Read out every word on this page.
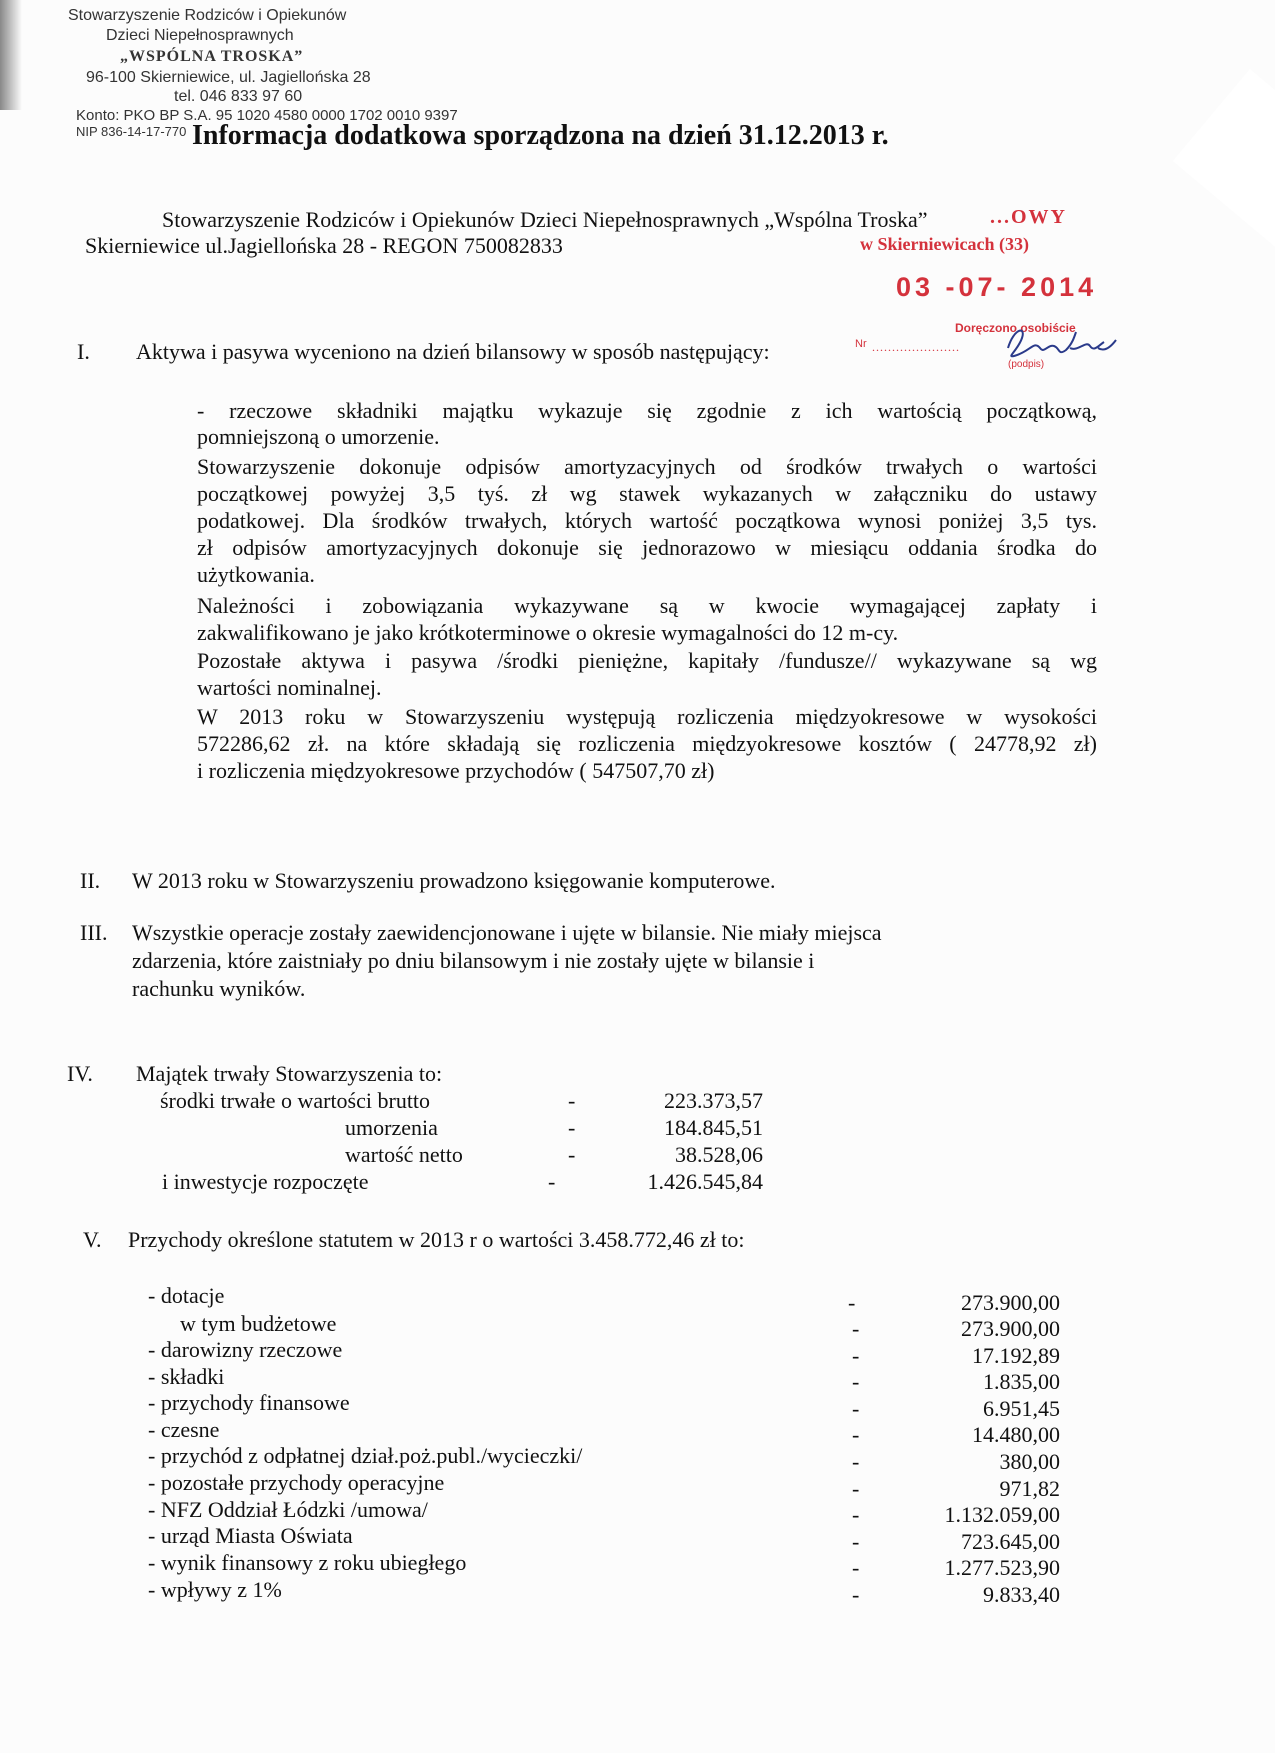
Stowarzyszenie Rodziców i Opiekunów
Dzieci Niepełnosprawnych
„WSPÓLNA TROSKA”
96-100 Skierniewice, ul. Jagiellońska 28
tel. 046 833 97 60
Konto: PKO BP S.A. 95 1020 4580 0000 1702 0010 9397
NIP 836-14-17-770 Informacja dodatkowa sporządzona na dzień 31.12.2013 r.
Stowarzyszenie Rodziców i Opiekunów Dzieci Niepełnosprawnych „Wspólna Troska”
Skierniewice ul.Jagiellońska 28 - REGON 750082833
...OWY
w Skierniewicach (33)
03 -07- 2014
Doręczono osobiście
Nr ......................
(podpis)
I. Aktywa i pasywa wyceniono na dzień bilansowy w sposób następujący:
- rzeczowe składniki majątku wykazuje się zgodnie z ich wartością początkową,
pomniejszoną o umorzenie.
Stowarzyszenie dokonuje odpisów amortyzacyjnych od środków trwałych o wartości
początkowej powyżej 3,5 tyś. zł wg stawek wykazanych w załączniku do ustawy
podatkowej. Dla środków trwałych, których wartość początkowa wynosi poniżej 3,5 tys.
zł odpisów amortyzacyjnych dokonuje się jednorazowo w miesiącu oddania środka do
użytkowania.
Należności i zobowiązania wykazywane są w kwocie wymagającej zapłaty i
zakwalifikowano je jako krótkoterminowe o okresie wymagalności do 12 m-cy.
Pozostałe aktywa i pasywa /środki pieniężne, kapitały /fundusze// wykazywane są wg
wartości nominalnej.
W 2013 roku w Stowarzyszeniu występują rozliczenia międzyokresowe w wysokości
572286,62 zł. na które składają się rozliczenia międzyokresowe kosztów ( 24778,92 zł)
i rozliczenia międzyokresowe przychodów ( 547507,70 zł)
II. W 2013 roku w Stowarzyszeniu prowadzono księgowanie komputerowe.
III. Wszystkie operacje zostały zaewidencjonowane i ujęte w bilansie. Nie miały miejsca
zdarzenia, które zaistniały po dniu bilansowym i nie zostały ujęte w bilansie i
rachunku wyników.
IV. Majątek trwały Stowarzyszenia to:
środki trwałe o wartości brutto	-	223.373,57
umorzenia	-	184.845,51
wartość netto	-	38.528,06
i inwestycje rozpoczęte	-	1.426.545,84
V. Przychody określone statutem w 2013 r o wartości 3.458.772,46 zł to:
- dotacje	-	273.900,00
w tym budżetowe	-	273.900,00
- darowizny rzeczowe	-	17.192,89
- składki	-	1.835,00
- przychody finansowe	-	6.951,45
- czesne	-	14.480,00
- przychód z odpłatnej dział.poż.publ./wycieczki/	-	380,00
- pozostałe przychody operacyjne	-	971,82
- NFZ Oddział Łódzki /umowa/	-	1.132.059,00
- urząd Miasta Oświata	-	723.645,00
- wynik finansowy z roku ubiegłego	-	1.277.523,90
- wpływy z 1%	-	9.833,40
